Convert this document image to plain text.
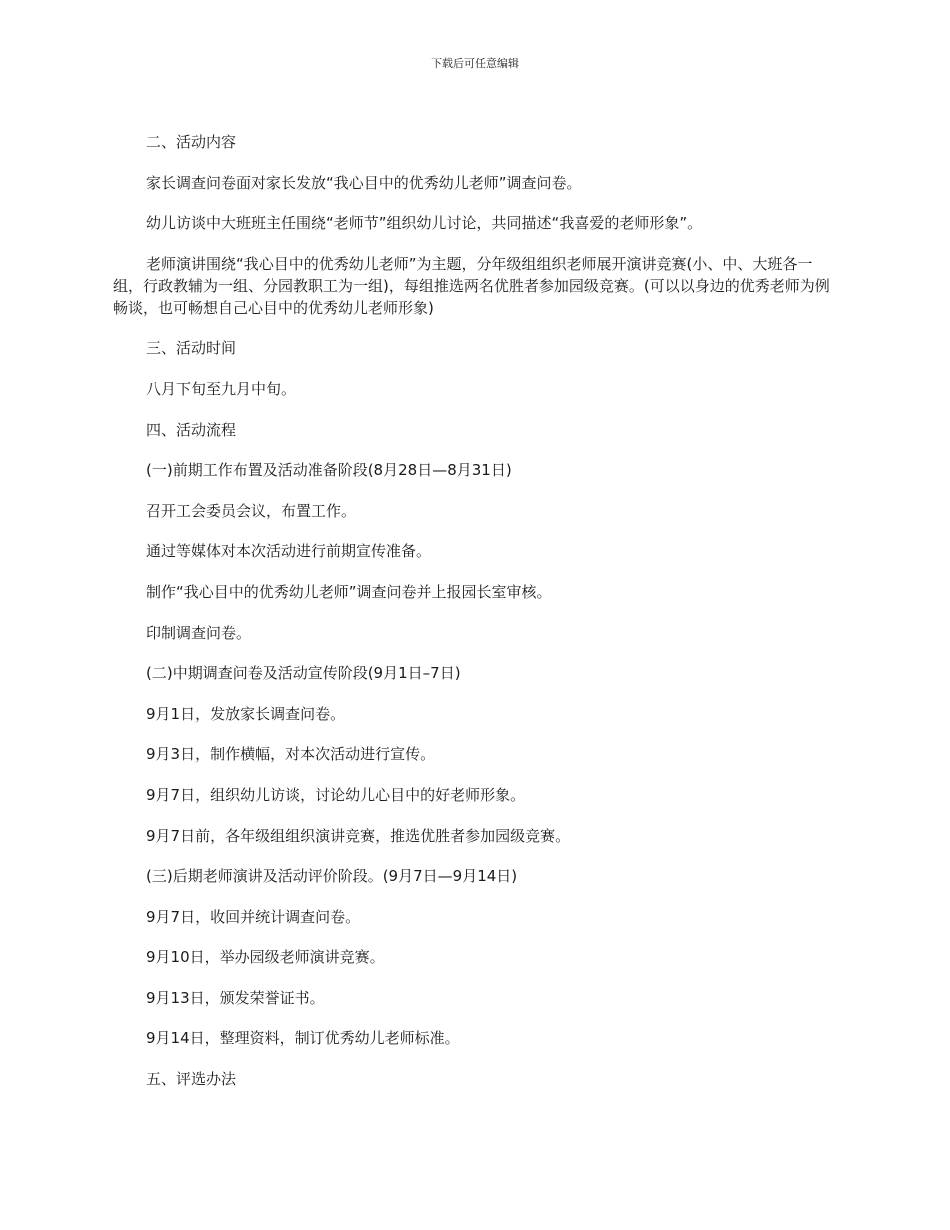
下载后可任意编辑

二、活动内容

家长调查问卷面对家长发放“我心目中的优秀幼儿老师”调查问卷。

幼儿访谈中大班班主任围绕“老师节”组织幼儿讨论，共同描述“我喜爱的老师形象”。

老师演讲围绕“我心目中的优秀幼儿老师”为主题，分年级组组织老师展开演讲竞赛(小、中、大班各一组，行政教辅为一组、分园教职工为一组)，每组推选两名优胜者参加园级竞赛。(可以以身边的优秀老师为例畅谈，也可畅想自己心目中的优秀幼儿老师形象)

三、活动时间

八月下旬至九月中旬。

四、活动流程

(一)前期工作布置及活动准备阶段(8月28日—8月31日)

召开工会委员会议，布置工作。

通过等媒体对本次活动进行前期宣传准备。

制作“我心目中的优秀幼儿老师”调查问卷并上报园长室审核。

印制调查问卷。

(二)中期调查问卷及活动宣传阶段(9月1日–7日)

9月1日，发放家长调查问卷。

9月3日，制作横幅，对本次活动进行宣传。

9月7日，组织幼儿访谈，讨论幼儿心目中的好老师形象。

9月7日前，各年级组组织演讲竞赛，推选优胜者参加园级竞赛。

(三)后期老师演讲及活动评价阶段。(9月7日—9月14日)

9月7日，收回并统计调查问卷。

9月10日，举办园级老师演讲竞赛。

9月13日，颁发荣誉证书。

9月14日，整理资料，制订优秀幼儿老师标准。

五、评选办法
